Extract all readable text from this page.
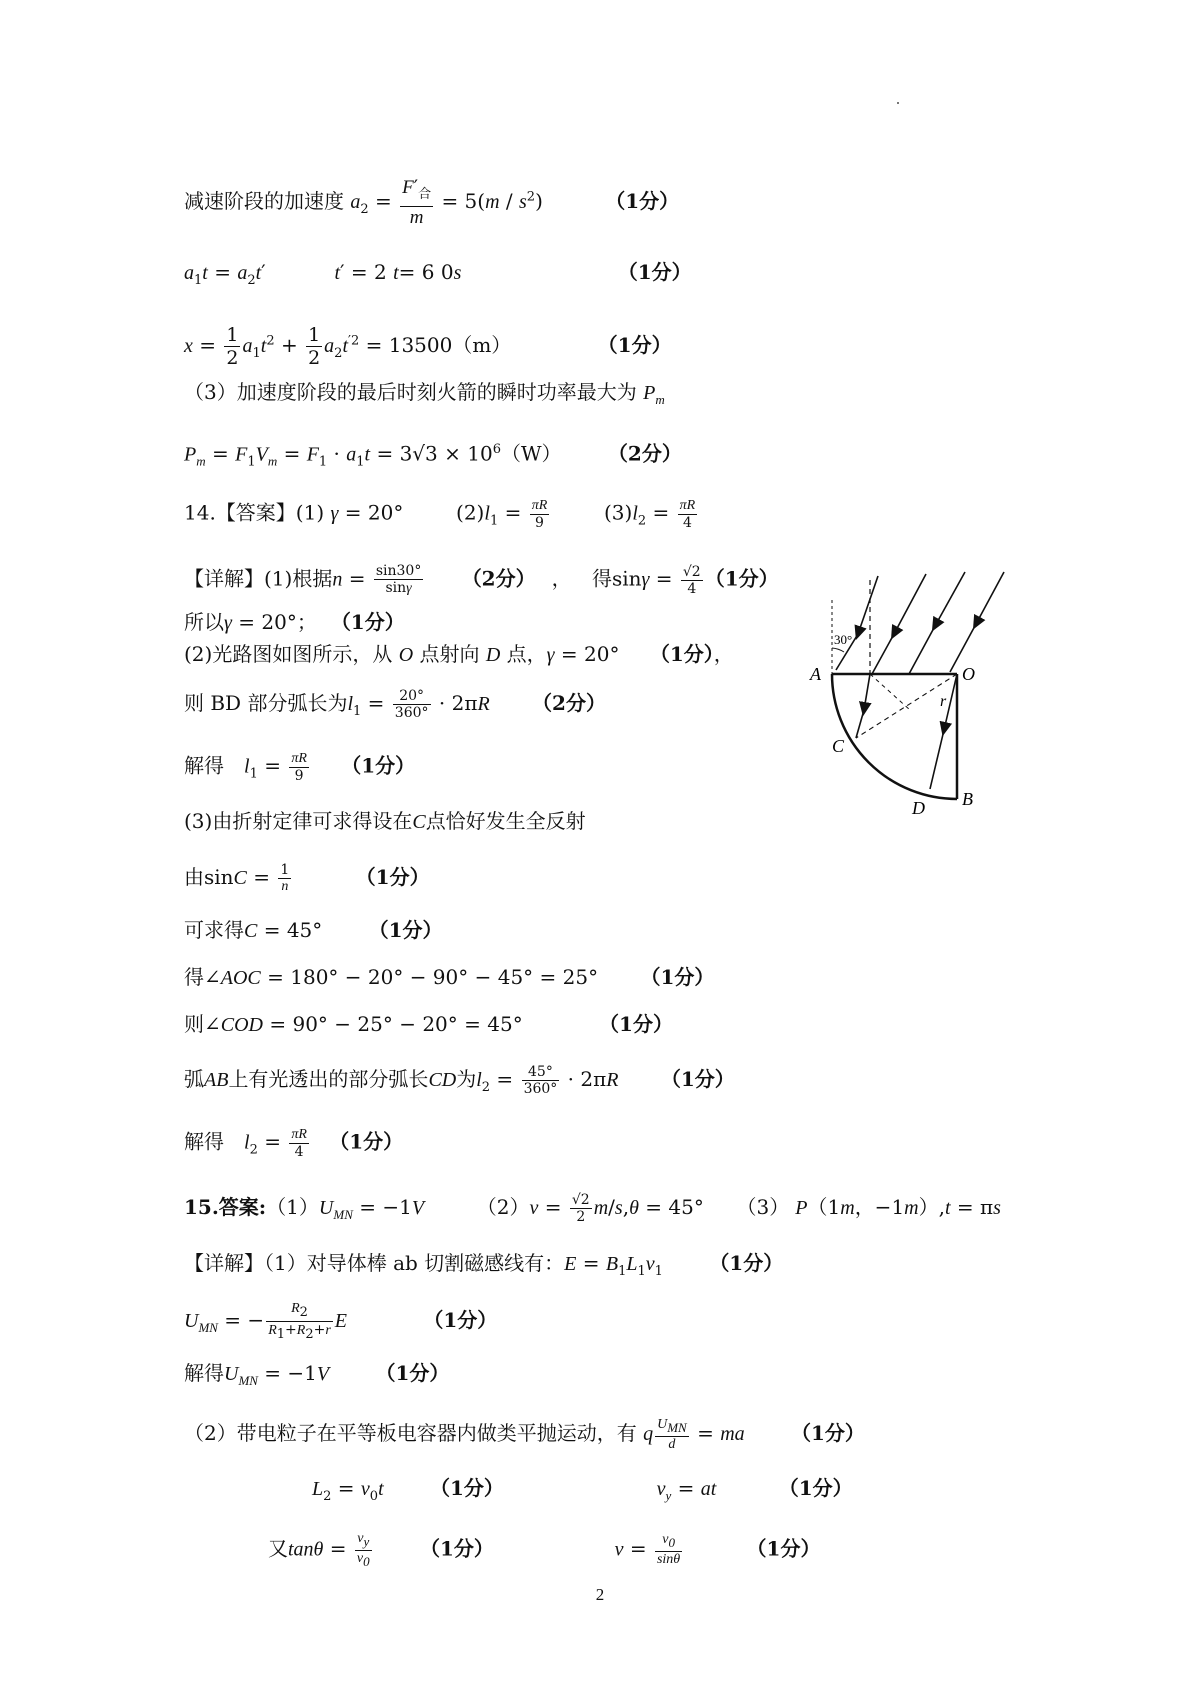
减速阶段的加速度 $a_2 = \frac{F'_合}{m} = 5(m / s^2)$	（1分）
$a_1t = a_2t'$	t′ = 2 t= 6 0s	（1分）
$x = \frac{1}{2} a_1t^2 + \frac{1}{2} a_2t^{'2} = 13500(m)$	（1分）
（3）加速度阶段的最后时刻火箭的瞬时功率最大为 $P_m$
$P_m = F_1V_m = F_1 \cdot a_1t = 3√3 \times 10^6(W)$ （2分）
14.【答案】(1) γ = 20°	$(2)l_1 = \frac{\pi R}{9}$	$(3)l_2 = \frac{\pi R}{4}$
【详解】(1)根据$n = \frac{\sin 30^\circ}{\sin\gamma} (2$分） ， 得$\sin\gamma = \frac{√2}{4} (1$分）
所以γ = 20°； （1分）
(2)光路图如图所示，从 O 点射向 D 点，γ = 20° （1分），
则 BD 部分弧长为$l_1 = \frac{20^\circ}{360^\circ} \cdot 2\pi R$ （2分）
解得　$l_1 = \frac{\pi R}{9} (1$分）
(3)由折射定律可求得设在C点恰好发生全反射
由$\sin C = \frac{1}{n}$	（1分）
可求得C = 45° （1分）
得∠AOC = 180° − 20° − 90° − 45° = 25° （1分）
则∠COD = 90° − 25° − 20° = 45°	（1分）
弧AB上有光透出的部分弧长CD为$l_2 = \frac{45^\circ}{360^\circ} \cdot 2\pi R$ （1分）
解得　$l_2 = \frac{\pi R}{4} (1$分）
15.答案$:(1)U_{MN} = -1V$	$(2)v = \frac{√2}{2} m/s,\theta = 45^\circ$ （3） P（1m，−1m）,t = πs
【详解】（1）对导体棒 ab 切割磁感线有：$E = B_1L_1v_1$ （1分）
$U_{MN}$ = − $\frac{R_2}{R_1+R_2+r}$ E	（1分）
解得$U_{MN} = -1V$ （1分）
（2）带电粒子在平等板电容器内做类平抛运动，有 q $\frac{U_{MN}}{d}$ = ma （1分）
$L_2 = v_0t$ （1分）	$v_y$ = at	（1分）
又$\tan\theta = \frac{v_y}{v_0} (1$分）	$v = \frac{v_0}{\sin\theta}$	（1分）
30°
A	O
r
C
D B
2
